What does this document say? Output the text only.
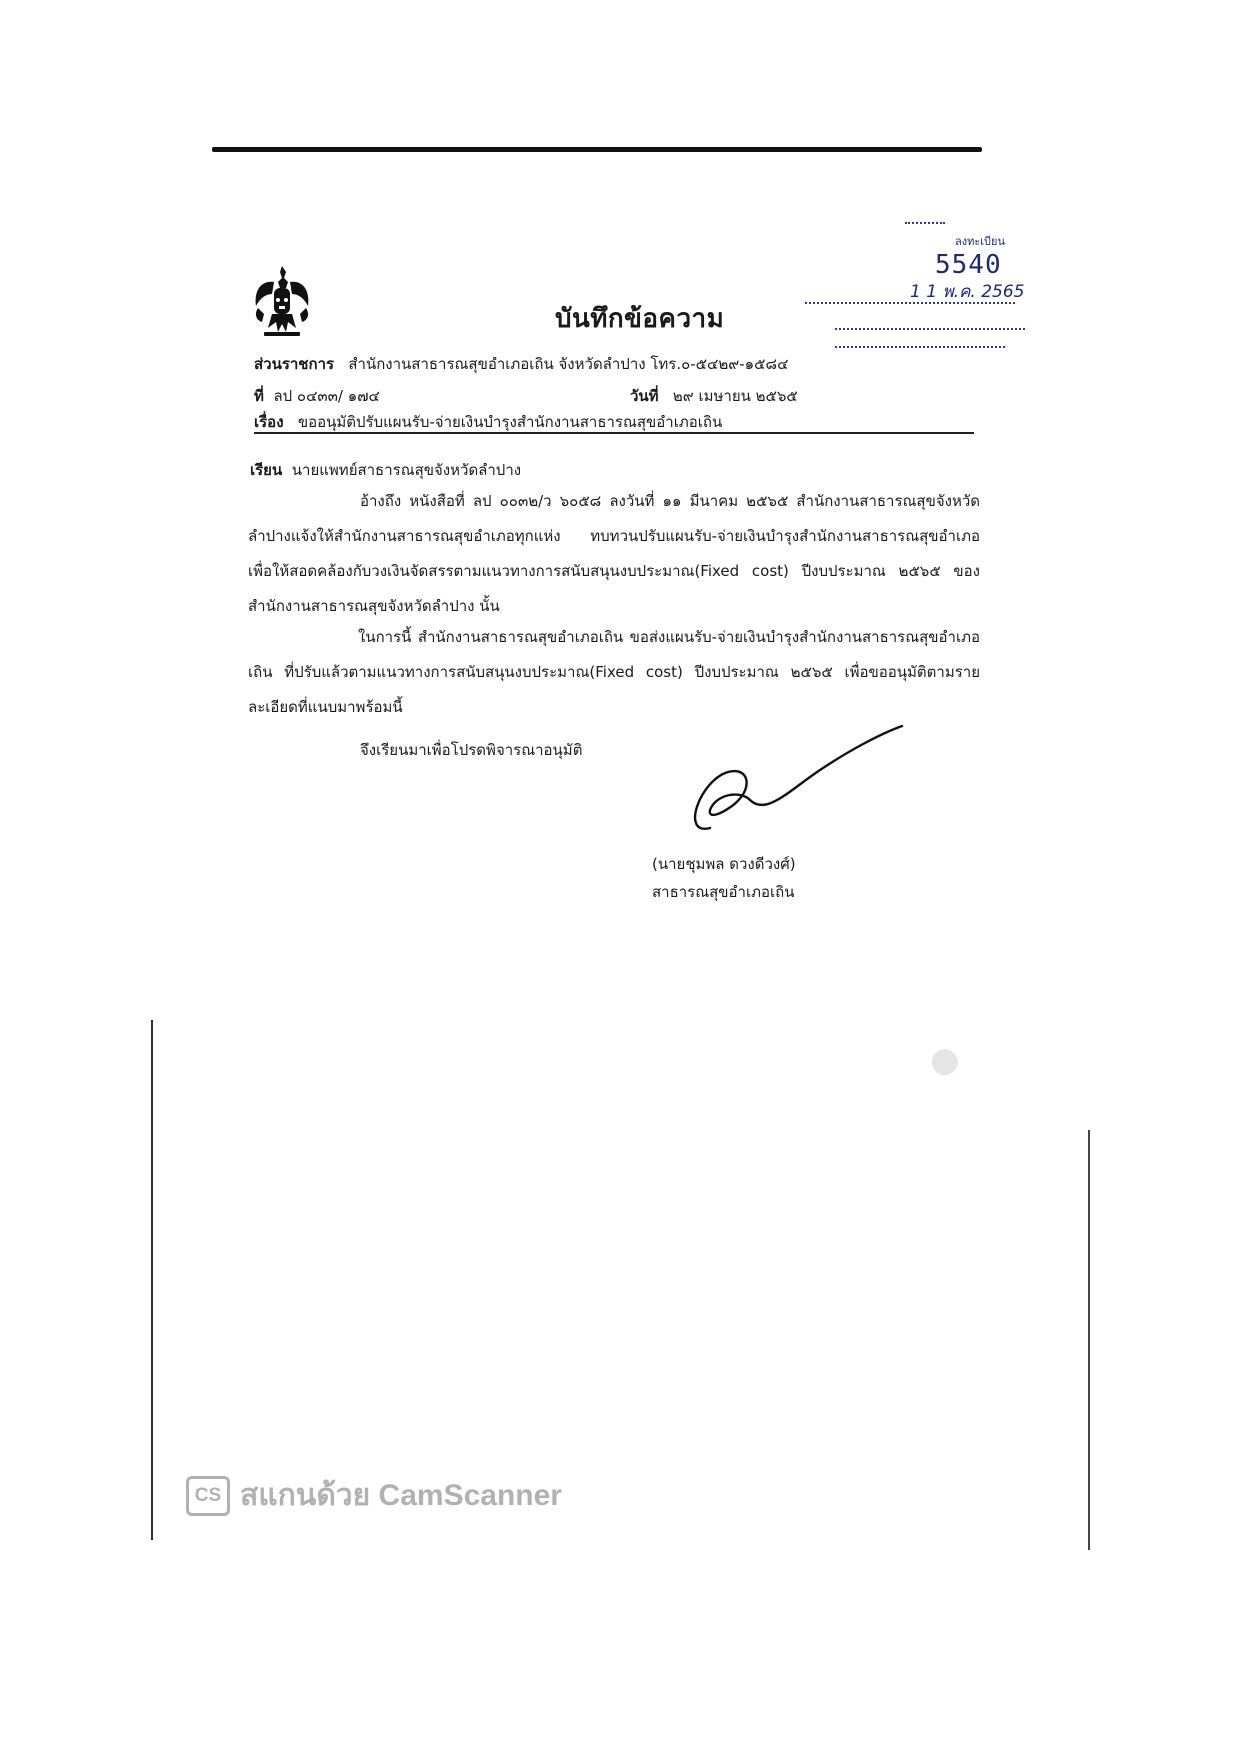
บันทึกข้อความ
ลงทะเบียน
5540
1 1 พ.ค. 2565
ส่วนราชการ สำนักงานสาธารณสุขอำเภอเถิน จังหวัดลำปาง โทร.๐-๕๔๒๙-๑๕๘๔
ที่ ลป ๐๔๓๓/ ๑๗๔	วันที่ ๒๙ เมษายน ๒๕๖๕
เรื่อง ขออนุมัติปรับแผนรับ-จ่ายเงินบำรุงสำนักงานสาธารณสุขอำเภอเถิน
เรียน นายแพทย์สาธารณสุขจังหวัดลำปาง
อ้างถึง หนังสือที่ ลป ๐๐๓๒/ว ๖๐๕๘ ลงวันที่ ๑๑ มีนาคม ๒๕๖๕ สำนักงานสาธารณสุขจังหวัดลำปางแจ้งให้สำนักงานสาธารณสุขอำเภอทุกแห่ง ทบทวนปรับแผนรับ-จ่ายเงินบำรุงสำนักงานสาธารณสุขอำเภอ เพื่อให้สอดคล้องกับวงเงินจัดสรรตามแนวทางการสนับสนุนงบประมาณ(Fixed cost) ปีงบประมาณ ๒๕๖๕ ของสำนักงานสาธารณสุขจังหวัดลำปาง นั้น
ในการนี้ สำนักงานสาธารณสุขอำเภอเถิน ขอส่งแผนรับ-จ่ายเงินบำรุงสำนักงานสาธารณสุขอำเภอเถิน ที่ปรับแล้วตามแนวทางการสนับสนุนงบประมาณ(Fixed cost) ปีงบประมาณ ๒๕๖๕ เพื่อขออนุมัติตามรายละเอียดที่แนบมาพร้อมนี้
จึงเรียนมาเพื่อโปรดพิจารณาอนุมัติ
(นายชุมพล ดวงดีวงศ์)
สาธารณสุขอำเภอเถิน
●
CS สแกนด้วย CamScanner
